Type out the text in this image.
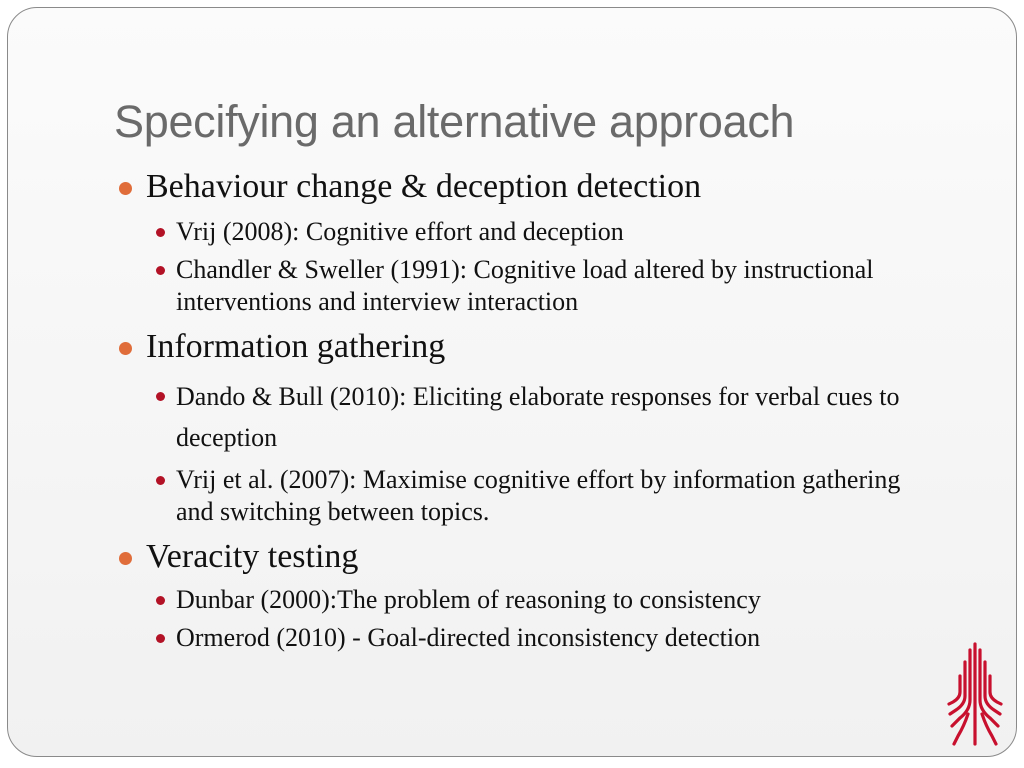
Specifying an alternative approach
Behaviour change & deception detection
Vrij (2008): Cognitive effort and deception
Chandler & Sweller (1991): Cognitive load altered by instructional interventions and interview interaction
Information gathering
Dando & Bull (2010): Eliciting elaborate responses for verbal cues to deception
Vrij et al. (2007): Maximise cognitive effort by information gathering and switching between topics.
Veracity testing
Dunbar (2000):The problem of reasoning to consistency
Ormerod (2010) - Goal-directed inconsistency detection
